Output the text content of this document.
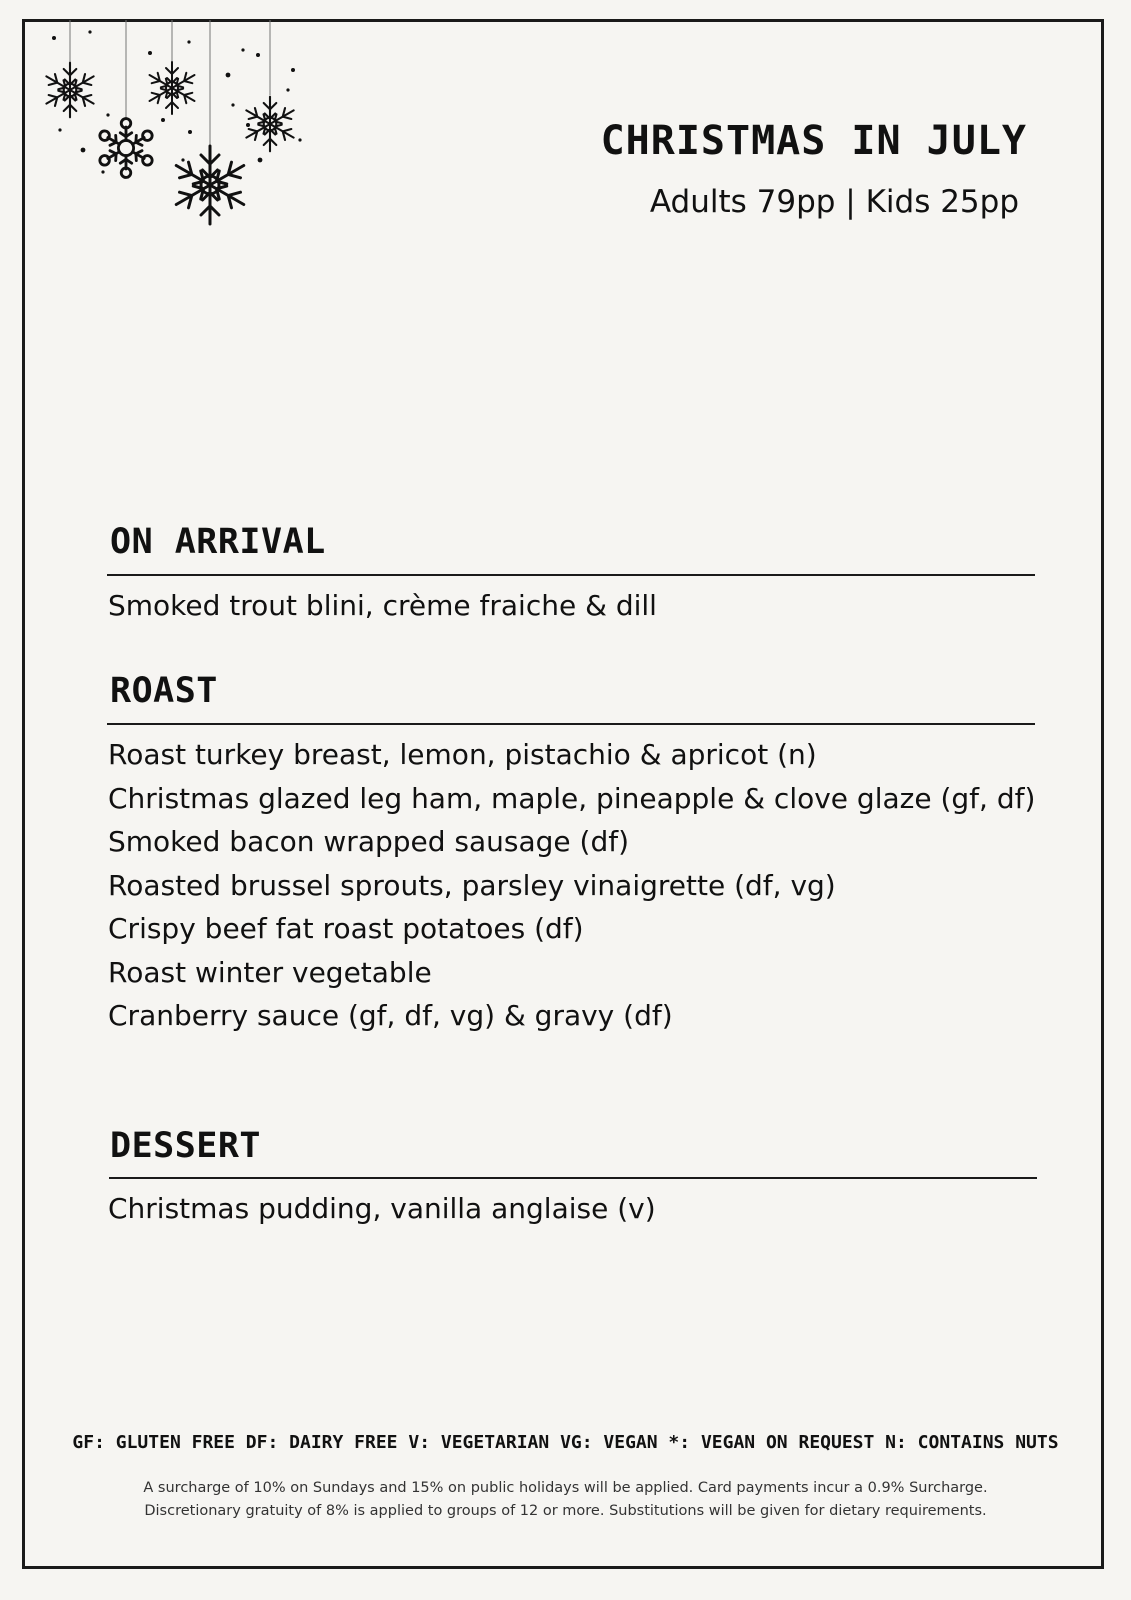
CHRISTMAS IN JULY
Adults 79pp | Kids 25pp
ON ARRIVAL
Smoked trout blini, crème fraiche & dill
ROAST
Roast turkey breast, lemon, pistachio & apricot (n)
Christmas glazed leg ham, maple, pineapple & clove glaze (gf, df)
Smoked bacon wrapped sausage (df)
Roasted brussel sprouts, parsley vinaigrette (df, vg)
Crispy beef fat roast potatoes (df)
Roast winter vegetable
Cranberry sauce (gf, df, vg) & gravy (df)
DESSERT
Christmas pudding, vanilla anglaise (v)
GF: GLUTEN FREE DF: DAIRY FREE V: VEGETARIAN VG: VEGAN *: VEGAN ON REQUEST N: CONTAINS NUTS
A surcharge of 10% on Sundays and 15% on public holidays will be applied. Card payments incur a 0.9% Surcharge.
Discretionary gratuity of 8% is applied to groups of 12 or more. Substitutions will be given for dietary requirements.
